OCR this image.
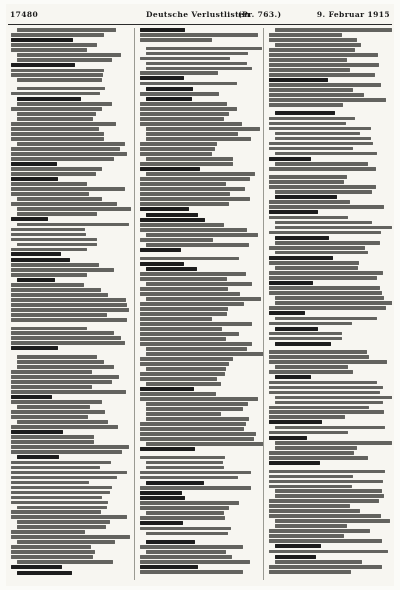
17480	Deutsche Verlustlisten
(Pr. 763.)	9. Februar 1915
